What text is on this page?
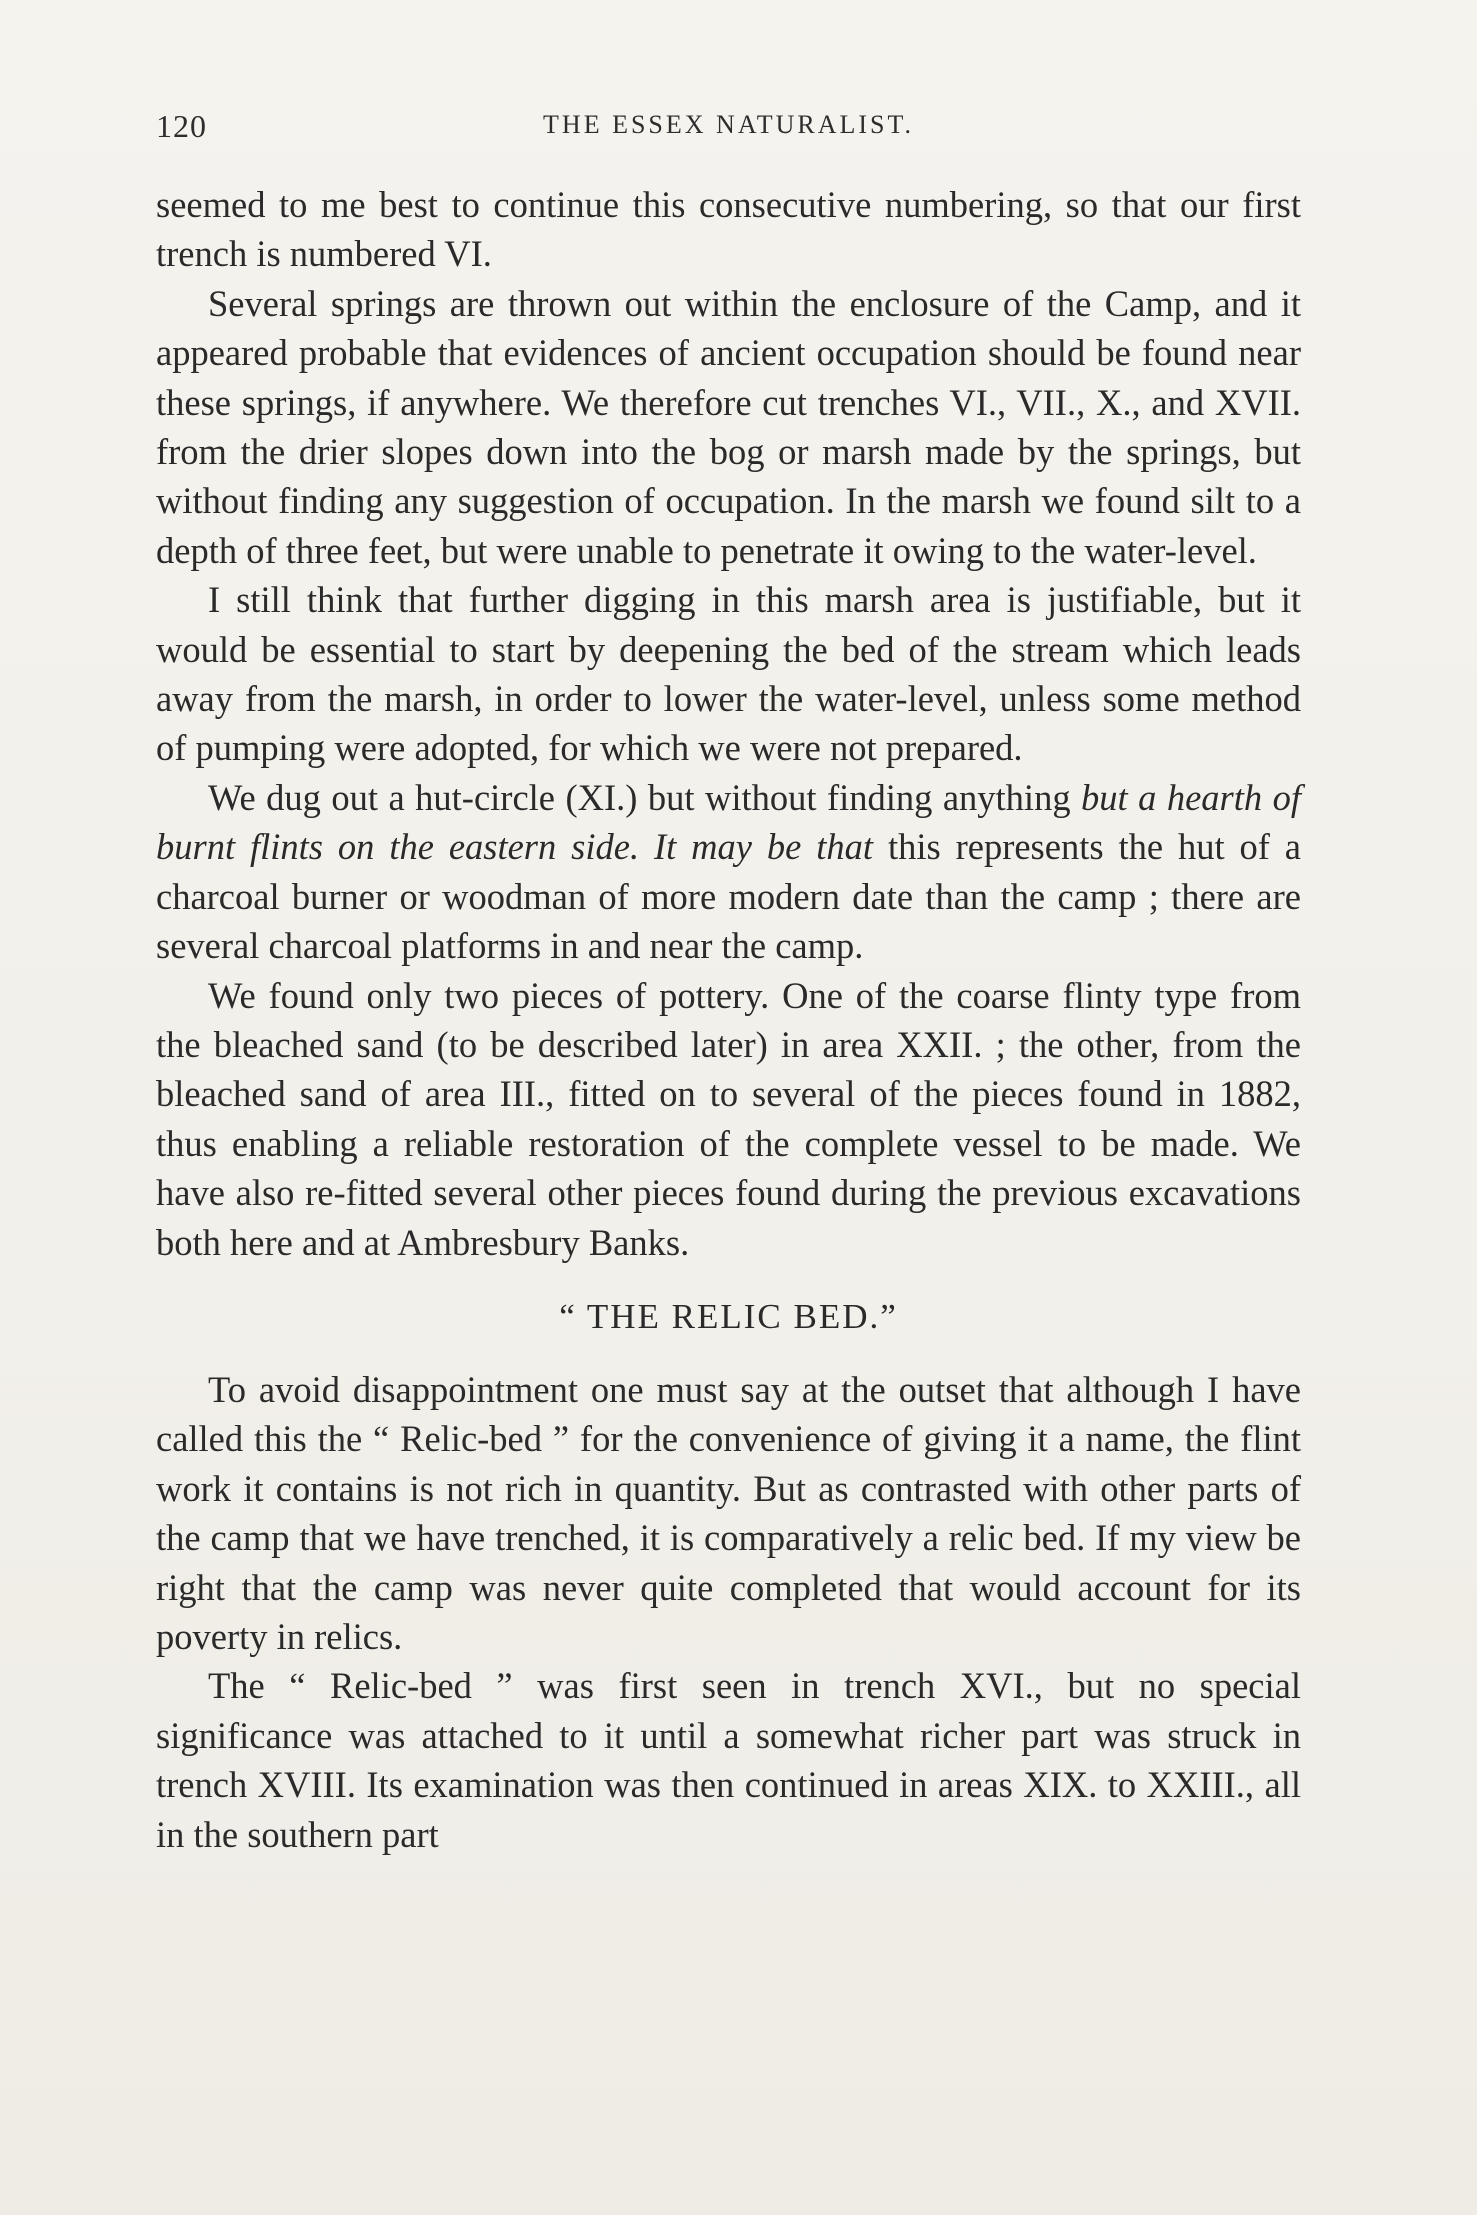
120	THE ESSEX NATURALIST.

seemed to me best to continue this consecutive numbering, so that our first trench is numbered VI.

Several springs are thrown out within the enclosure of the Camp, and it appeared probable that evidences of ancient occupation should be found near these springs, if anywhere. We therefore cut trenches VI., VII., X., and XVII. from the drier slopes down into the bog or marsh made by the springs, but without finding any suggestion of occupation. In the marsh we found silt to a depth of three feet, but were unable to penetrate it owing to the water-level.

I still think that further digging in this marsh area is justifiable, but it would be essential to start by deepening the bed of the stream which leads away from the marsh, in order to lower the water-level, unless some method of pumping were adopted, for which we were not prepared.

We dug out a hut-circle (XI.) but without finding anything but a hearth of burnt flints on the eastern side. It may be that this represents the hut of a charcoal burner or woodman of more modern date than the camp ; there are several charcoal platforms in and near the camp.

We found only two pieces of pottery. One of the coarse flinty type from the bleached sand (to be described later) in area XXII. ; the other, from the bleached sand of area III., fitted on to several of the pieces found in 1882, thus enabling a reliable restoration of the complete vessel to be made. We have also re-fitted several other pieces found during the previous excavations both here and at Ambresbury Banks.

“ THE RELIC BED.”

To avoid disappointment one must say at the outset that although I have called this the “ Relic-bed ” for the convenience of giving it a name, the flint work it contains is not rich in quantity. But as contrasted with other parts of the camp that we have trenched, it is comparatively a relic bed. If my view be right that the camp was never quite completed that would account for its poverty in relics.

The “ Relic-bed ” was first seen in trench XVI., but no special significance was attached to it until a somewhat richer part was struck in trench XVIII. Its examination was then continued in areas XIX. to XXIII., all in the southern part
